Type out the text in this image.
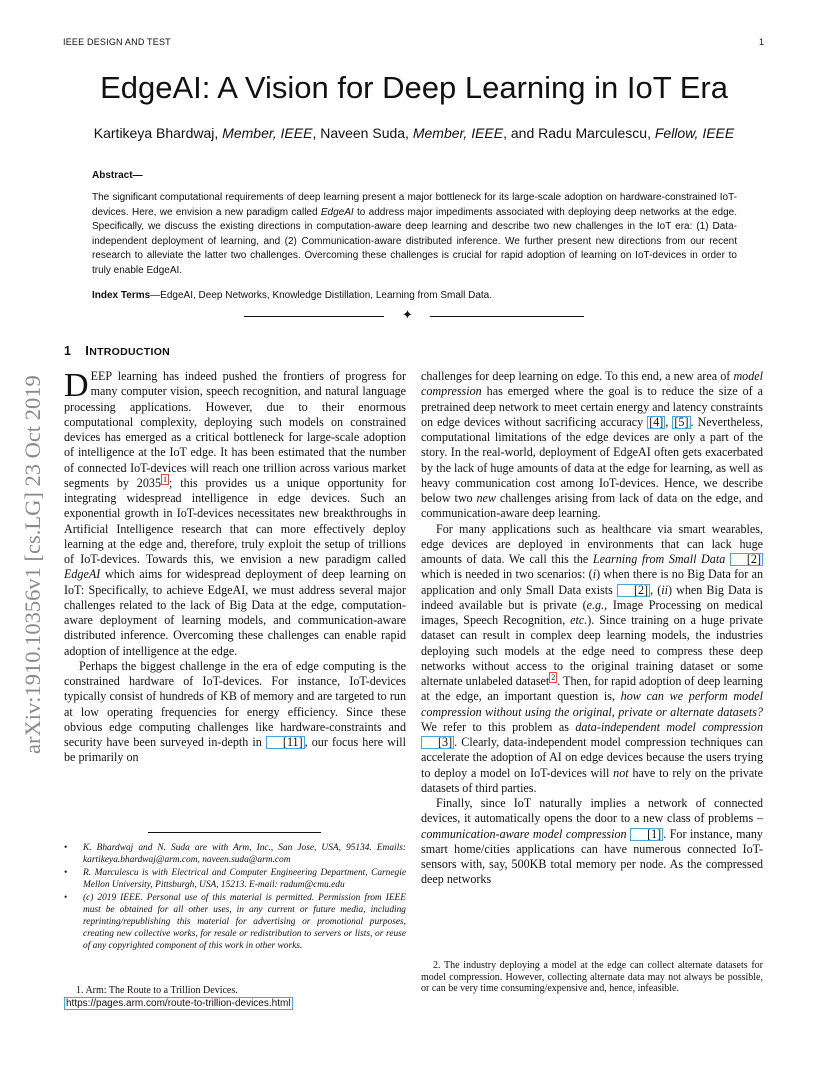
IEEE DESIGN AND TEST	1
EdgeAI: A Vision for Deep Learning in IoT Era
Kartikeya Bhardwaj, Member, IEEE, Naveen Suda, Member, IEEE, and Radu Marculescu, Fellow, IEEE
Abstract—

The significant computational requirements of deep learning present a major bottleneck for its large-scale adoption on hardware-constrained IoT-devices. Here, we envision a new paradigm called EdgeAI to address major impediments associated with deploying deep networks at the edge. Specifically, we discuss the existing directions in computation-aware deep learning and describe two new challenges in the IoT era: (1) Data-independent deployment of learning, and (2) Communication-aware distributed inference. We further present new directions from our recent research to alleviate the latter two challenges. Overcoming these challenges is crucial for rapid adoption of learning on IoT-devices in order to truly enable EdgeAI.

Index Terms—EdgeAI, Deep Networks, Knowledge Distillation, Learning from Small Data.
✦
1 INTRODUCTION
arXiv:1910.10356v1 [cs.LG] 23 Oct 2019 DEEP learning has indeed pushed the frontiers of progress for many computer vision, speech recognition, and natural language processing applications. However, due to their enormous computational complexity, deploying such models on constrained devices has emerged as a critical bottleneck for large-scale adoption of intelligence at the IoT edge. It has been estimated that the number of connected IoT-devices will reach one trillion across various market segments by 2035 $^1$ ; this provides us a unique opportunity for integrating widespread intelligence in edge devices. Such an exponential growth in IoT-devices necessitates new breakthroughs in Artificial Intelligence research that can more effectively deploy learning at the edge and, therefore, truly exploit the setup of trillions of IoT-devices. Towards this, we envision a new paradigm called EdgeAI which aims for widespread deployment of deep learning on IoT: Specifically, to achieve EdgeAI, we must address several major challenges related to the lack of Big Data at the edge, computation-aware deployment of learning models, and communication-aware distributed inference. Overcoming these challenges can enable rapid adoption of intelligence at the edge.

Perhaps the biggest challenge in the era of edge computing is the constrained hardware of IoT-devices. For instance, IoT-devices typically consist of hundreds of KB of memory and are targeted to run at low operating frequencies for energy efficiency. Since these obvious edge computing challenges like hardware-constraints and security have been surveyed in-depth in [11] , our focus here will be primarily on

challenges for deep learning on edge. To this end, a new area of model compression has emerged where the goal is to reduce the size of a pretrained deep network to meet certain energy and latency constraints on edge devices without sacrificing accuracy [4] , [5] . Nevertheless, computational limitations of the edge devices are only a part of the story. In the real-world, deployment of EdgeAI often gets exacerbated by the lack of huge amounts of data at the edge for learning, as well as heavy communication cost among IoT-devices. Hence, we describe below two new challenges arising from lack of data on the edge, and communication-aware deep learning.

For many applications such as healthcare via smart wearables, edge devices are deployed in environments that can lack huge amounts of data. We call this the Learning from Small Data [2] which is needed in two scenarios: (i) when there is no Big Data for an application and only Small Data exists [2] , (ii) when Big Data is indeed available but is private (e.g., Image Processing on medical images, Speech Recognition, etc.). Since training on a huge private dataset can result in complex deep learning models, the industries deploying such models at the edge need to compress these deep networks without access to the original training dataset or some alternate unlabeled dataset $^2$ . Then, for rapid adoption of deep learning at the edge, an important question is, how can we perform model compression without using the original, private or alternate datasets? We refer to this problem as data-independent model compression [3] . Clearly, data-independent model compression techniques can accelerate the adoption of AI on edge devices because the users trying to deploy a model on IoT-devices will not have to rely on the private datasets of third parties.

Finally, since IoT naturally implies a network of connected devices, it automatically opens the door to a new class of problems – communication-aware model compression [1] . For instance, many smart home/cities applications can have numerous connected IoT-sensors with, say, 500KB total memory per node. As the compressed deep networks

• K. Bhardwaj and N. Suda are with Arm, Inc., San Jose, USA, 95134. Emails: kartikeya.bhardwaj@arm.com, naveen.suda@arm.com
• R. Marculescu is with Electrical and Computer Engineering Department, Carnegie Mellon University, Pittsburgh, USA, 15213. E-mail: radum@cmu.edu
• (c) 2019 IEEE. Personal use of this material is permitted. Permission from IEEE must be obtained for all other uses, in any current or future media, including reprinting/republishing this material for advertising or promotional purposes, creating new collective works, for resale or redistribution to servers or lists, or reuse of any copyrighted component of this work in other works.
1. Arm: The Route to a Trillion Devices.
https://pages.arm.com/route-to-trillion-devices.html
2. The industry deploying a model at the edge can collect alternate datasets for model compression. However, collecting alternate data may not always be possible, or can be very time consuming/expensive and, hence, infeasible.
